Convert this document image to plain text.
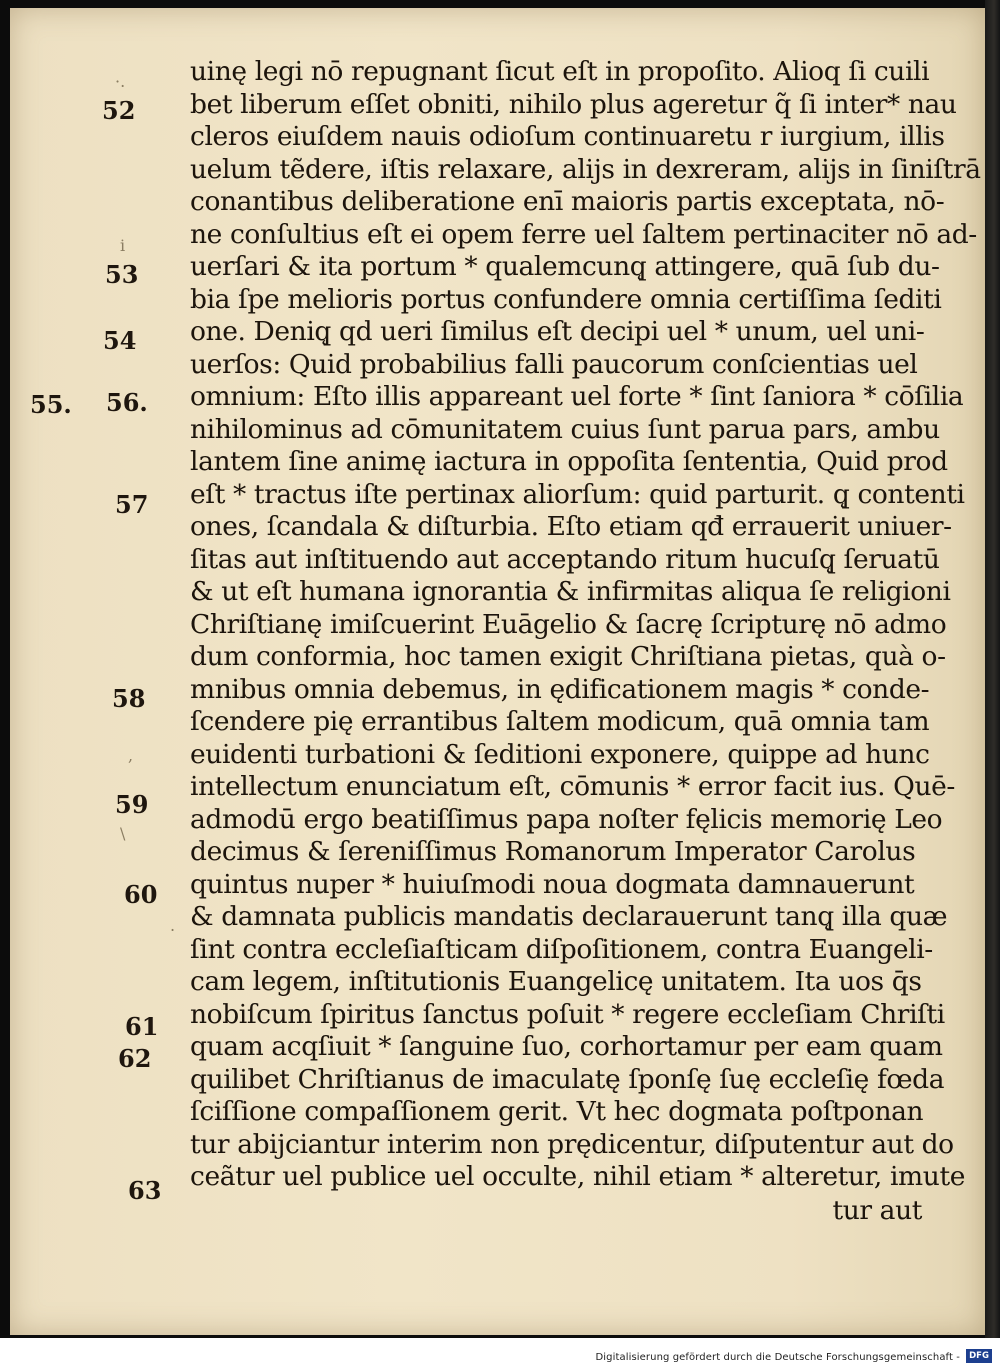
·.
52
i
53
54
55. 56.
57
58
,
59
\
60
.
61
62
63
uinę legi nō repugnant ſicut eſt in propoſito. Alioq ſi cuili
bet liberum eſſet obniti, nihilo plus ageretur q̃ ſi inter* nau
cleros eiuſdem nauis odioſum continuaretu r iurgium, illis
uelum tẽdere, iſtis relaxare, alijs in dexreram, alijs in ſiniſtrā
conantibus deliberatione enī maioris partis exceptata, nō-
ne conſultius eſt ei opem ferre uel ſaltem pertinaciter nō ad-
uerſari & ita portum * qualemcunq̨ attingere, quā ſub du-
bia ſpe melioris portus confundere omnia certiſſima ſediti
one. Deniq̨ qd ueri ſimilus eſt decipi uel * unum, uel uni-
uerſos: Quid probabilius falli paucorum conſcientias uel
omnium: Eſto illis appareant uel forte * ſint ſaniora * cōſilia
nihilominus ad cōmunitatem cuius ſunt parua pars, ambu
lantem ſine animę iactura in oppoſita ſententia, Quid prod
eſt * tractus iſte pertinax aliorſum: quid parturit. q̨ contenti
ones, ſcandala & diſturbia. Eſto etiam qđ errauerit uniuer-
ſitas aut inſtituendo aut acceptando ritum hucuſq̨ ſeruatū
& ut eſt humana ignorantia & infirmitas aliqua ſe religioni
Chriſtianę imiſcuerint Euāgelio & ſacrę ſcripturę nō admo
dum conformia, hoc tamen exigit Chriſtiana pietas, quà o-
mnibus omnia debemus, in ędificationem magis * conde-
ſcendere pię errantibus ſaltem modicum, quā omnia tam
euidenti turbationi & ſeditioni exponere, quippe ad hunc
intellectum enunciatum eſt, cōmunis * error facit ius. Quē-
admodū ergo beatiſſimus papa noſter fęlicis memorię Leo
decimus & ſereniſſimus Romanorum Imperator Carolus
quintus nuper * huiuſmodi noua dogmata damnauerunt
& damnata publicis mandatis declarauerunt tanq̨ illa quæ
ſint contra eccleſiaſticam diſpoſitionem, contra Euangeli-
cam legem, inſtitutionis Euangelicę unitatem. Ita uos q̄s
nobiſcum ſpiritus ſanctus poſuit * regere eccleſiam Chriſti
quam acqſiuit * ſanguine ſuo, corhortamur per eam quam
quilibet Chriſtianus de imaculatę ſponſę ſuę eccleſię fœda
ſciſſione compaſſionem gerit. Vt hec dogmata poſtponan
tur abijciantur interim non prędicentur, diſputentur aut do
ceãtur uel publice uel occulte, nihil etiam * alteretur, imute
tur aut
Digitalisierung gefördert durch die Deutsche Forschungsgemeinschaft -	DFG
